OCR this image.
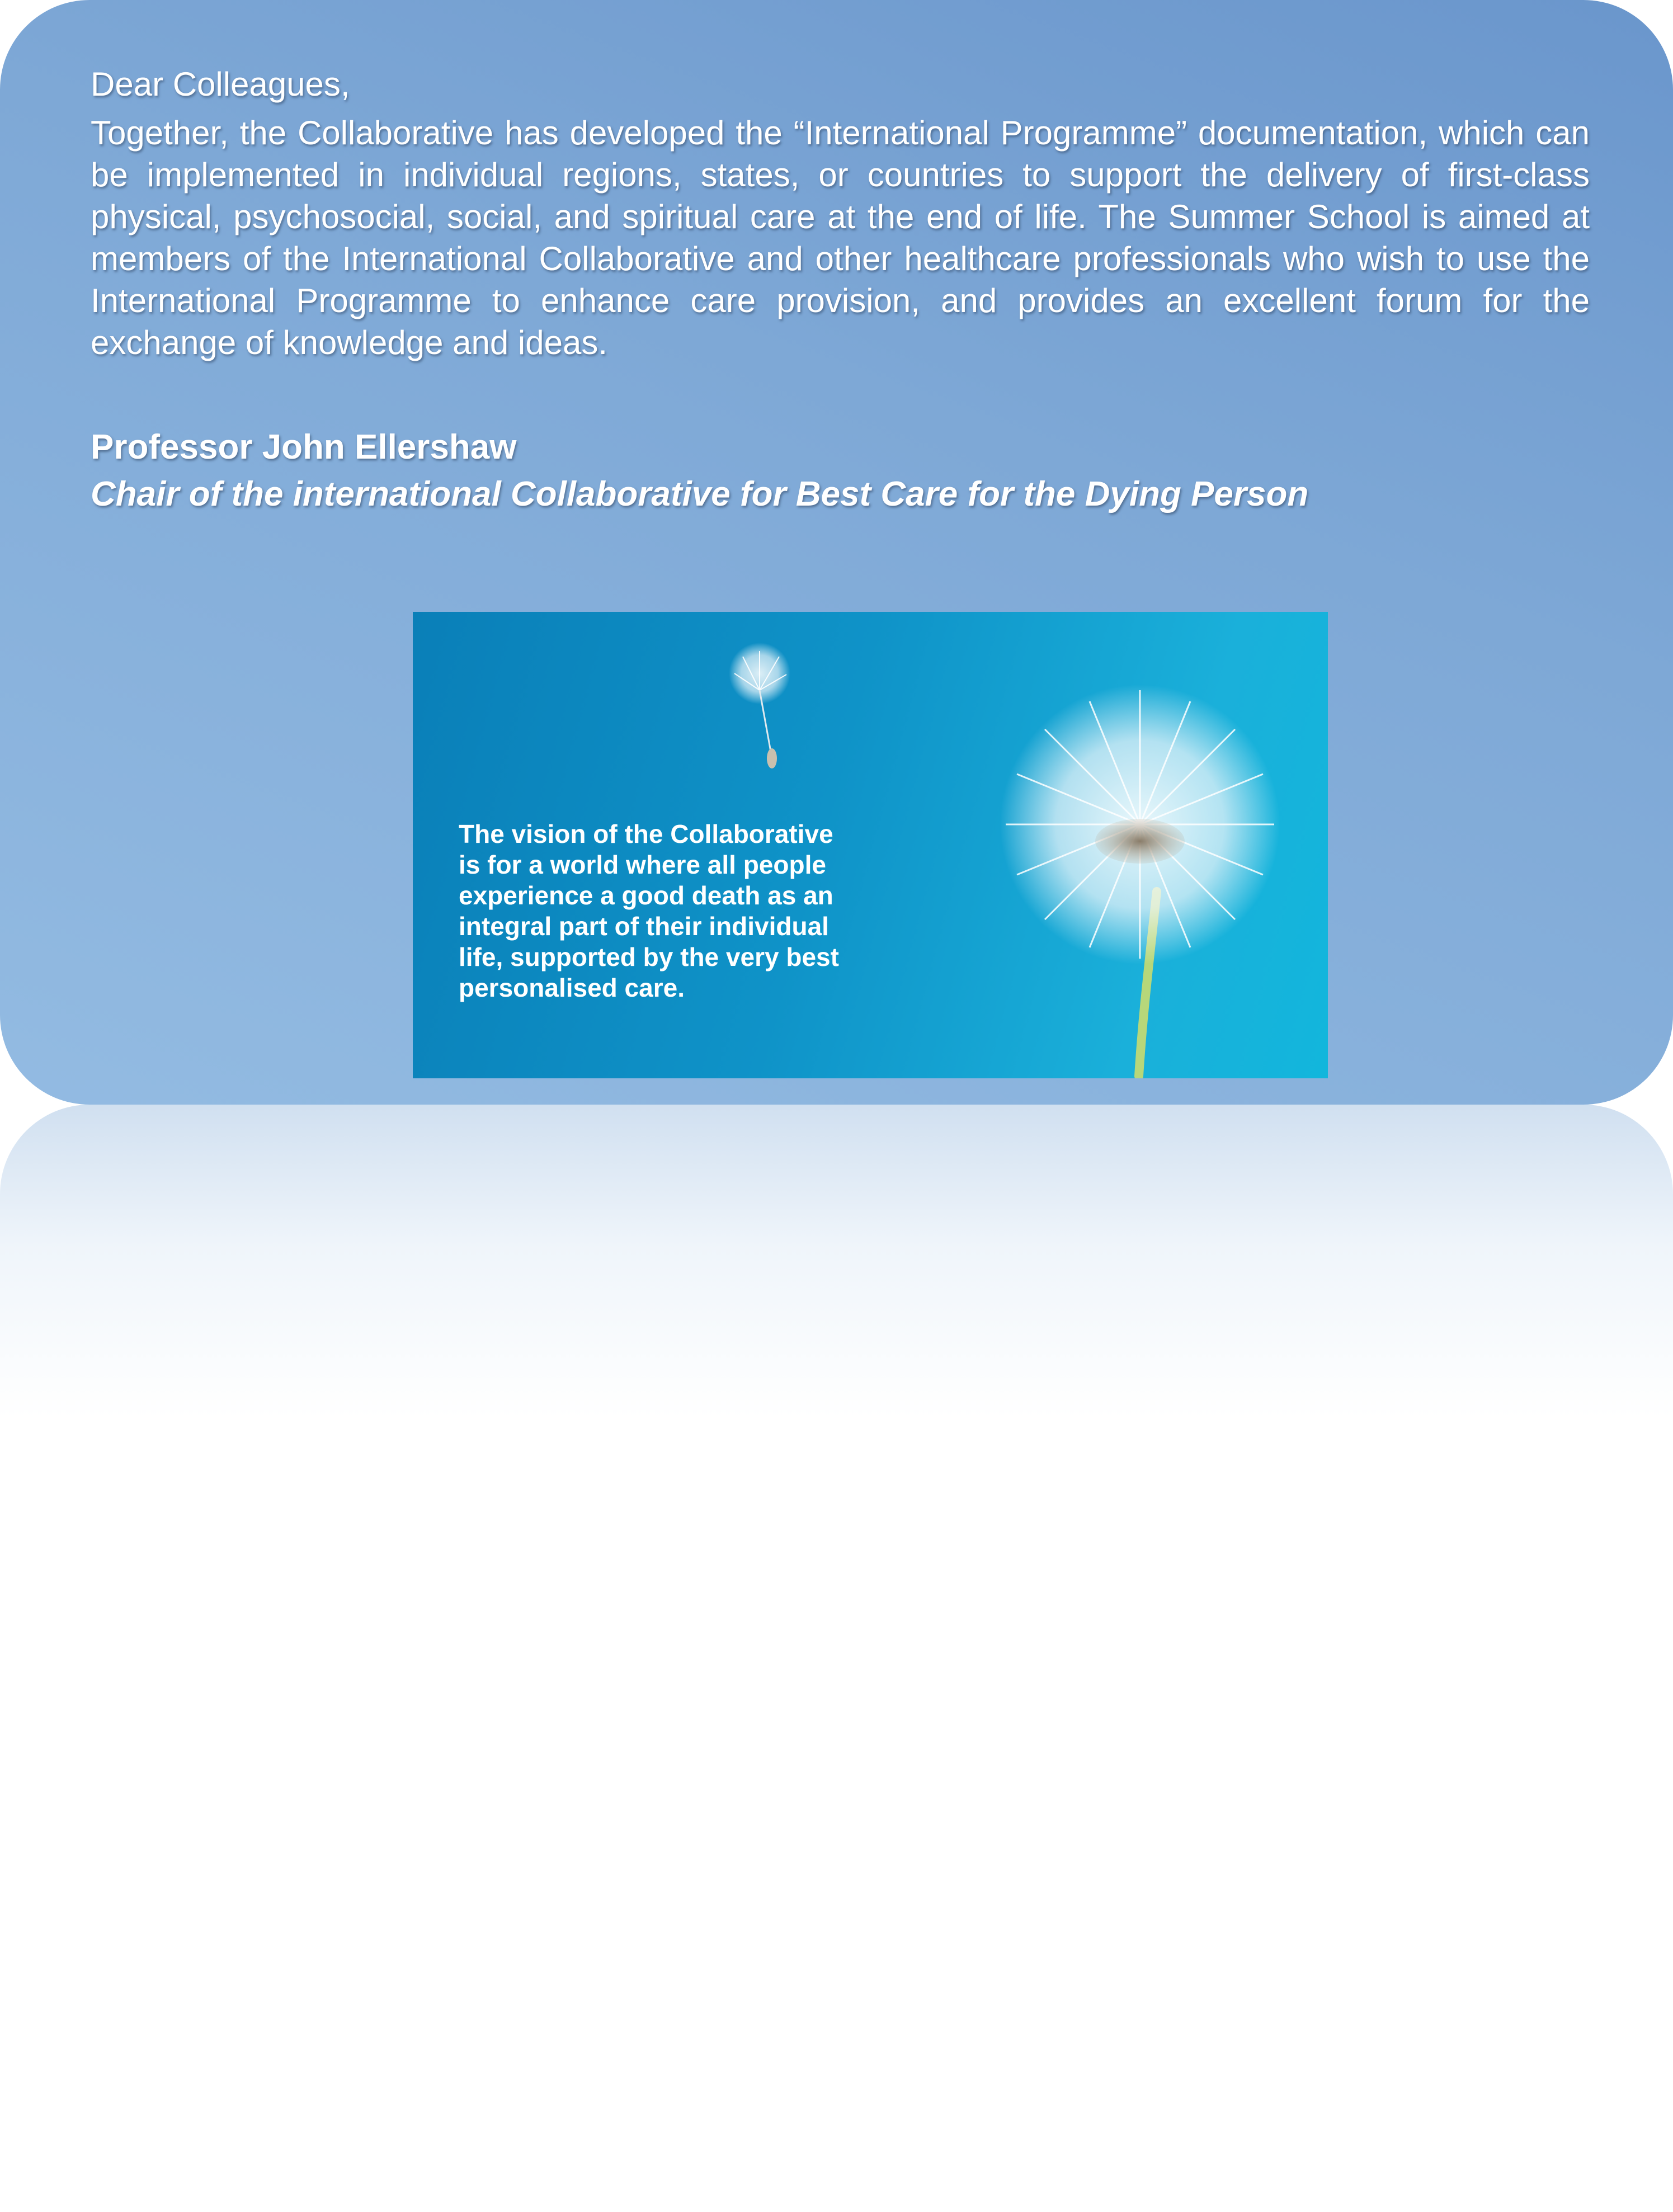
Dear Colleagues,

Together, the Collaborative has developed the “International Programme” documentation, which can be implemented in individual regions, states, or countries to support the delivery of first-class physical, psychosocial, social, and spiritual care at the end of life. The Summer School is aimed at members of the International Collaborative and other healthcare professionals who wish to use the International Programme to enhance care provision, and provides an excellent forum for the exchange of knowledge and ideas.

Professor John Ellershaw

Chair of the international Collaborative for Best Care for the Dying Person

The vision of the Collaborative
is for a world where all people
experience a good death as an
integral part of their individual
life, supported by the very best
personalised care.
